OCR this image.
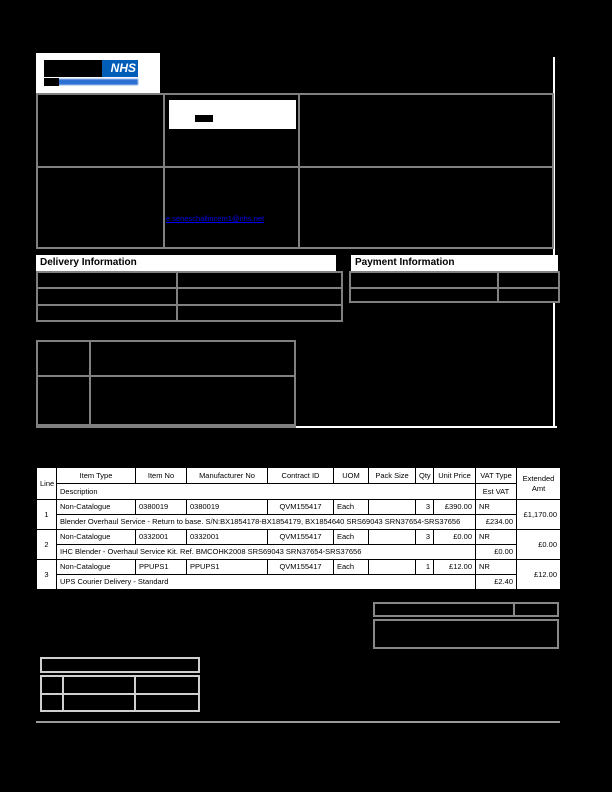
NHS
e.seneschallincem1@nhs.net
Delivery Information	Payment Information
Line	Item Type	Item No	Manufacturer No	Contract ID	UOM	Pack Size	Qty	Unit Price	VAT Type	Extended Amt
	Description								Est VAT	
1	Non-Catalogue	0380019	0380019	QVM155417	Each		3	£390.00	NR	£1,170.00
	Blender Overhaul Service - Return to base. S/N:BX1854178-BX1854179, BX1854640 SRS69043 SRN37654-SRS37656								£234.00	
2	Non-Catalogue	0332001	0332001	QVM155417	Each		3	£0.00	NR	£0.00
	IHC Blender - Overhaul Service Kit. Ref. BMCOHK2008 SRS69043 SRN37654-SRS37656								£0.00	
3	Non-Catalogue	PPUPS1	PPUPS1	QVM155417	Each		1	£12.00	NR	£12.00
	UPS Courier Delivery - Standard								£2.40	
